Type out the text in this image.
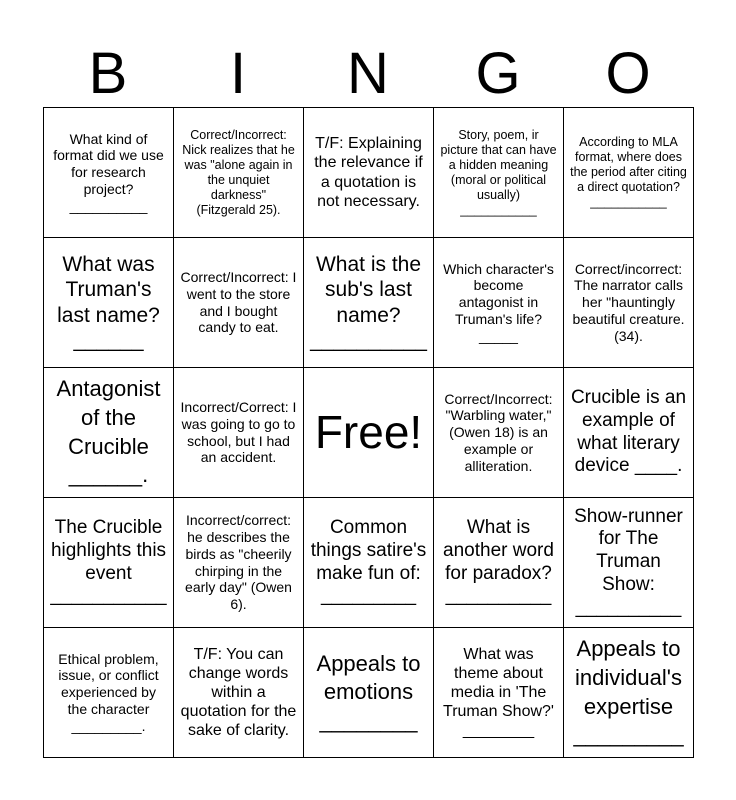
B	I	N	G	O
What kind of format did we use for research project?
__________	Correct/Incorrect: Nick realizes that he was "alone again in the unquiet darkness" (Fitzgerald 25).	T/F: Explaining the relevance if a quotation is not necessary.	Story, poem, ir picture that can have a hidden meaning (moral or political usually)
___________	According to MLA format, where does the period after citing a direct quotation?
___________
What was Truman's last name?
______	Correct/Incorrect: I went to the store and I bought candy to eat.	What is the sub's last name?
__________	Which character's become antagonist in Truman's life?
_____	Correct/incorrect: The narrator calls her "hauntingly beautiful creature. (34).
Antagonist of the Crucible
______.	Incorrect/Correct: I was going to go to school, but I had an accident.	Free!	Correct/Incorrect: "Warbling water," (Owen 18) is an example or alliteration.	Crucible is an example of what literary device ____.
The Crucible highlights this event
___________	Incorrect/correct: he describes the birds as "cheerily chirping in the early day" (Owen 6).	Common things satire's make fun of:
_________	What is another word for paradox?
__________	Show-runner for The Truman Show:
__________
Ethical problem, issue, or conflict experienced by the character
_________.	T/F: You can change words within a quotation for the sake of clarity.	Appeals to emotions
________	What was theme about media in 'The Truman Show?'
________	Appeals to individual's expertise
_________
